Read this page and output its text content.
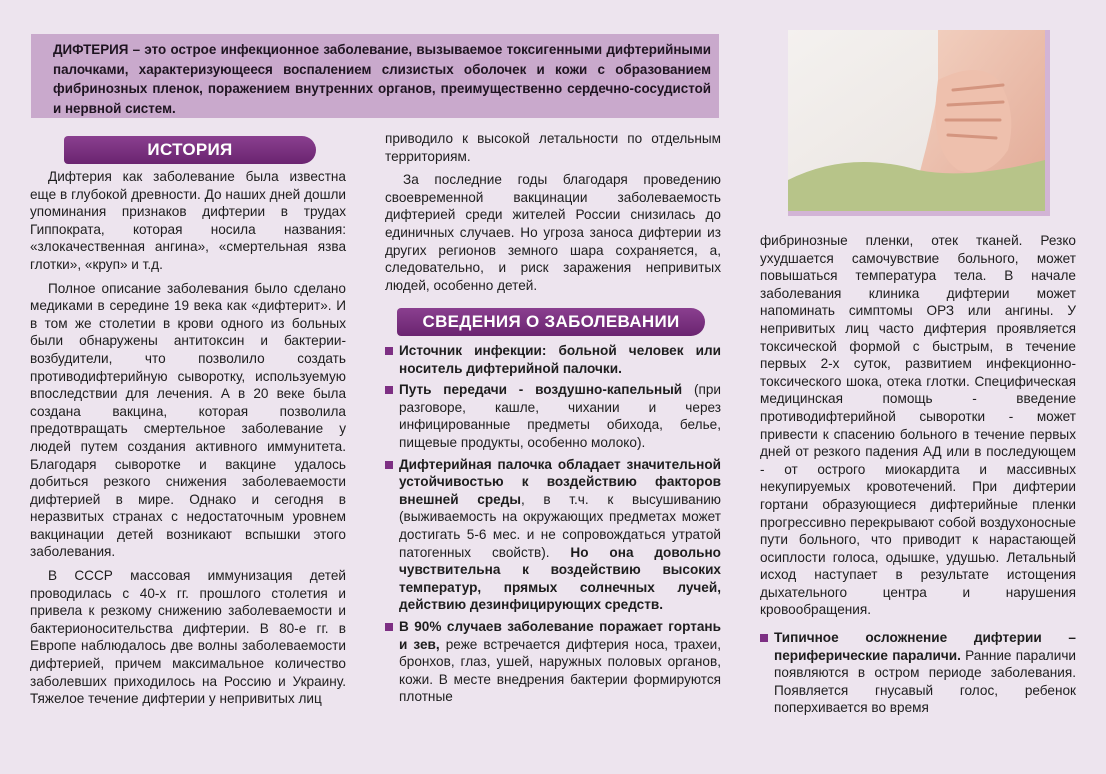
ДИФТЕРИЯ – это острое инфекционное заболевание, вызываемое токсигенными дифтерийными палочками, характеризующееся воспалением слизистых оболочек и кожи с образованием фибринозных пленок, поражением внутренних органов, преимущественно сердечно-сосудистой и нервной систем.
ИСТОРИЯ

Дифтерия как заболевание была известна еще в глубокой древности. До наших дней дошли упоминания признаков дифтерии в трудах Гиппократа, которая носила названия: «злокачественная ангина», «смертельная язва глотки», «круп» и т.д.

Полное описание заболевания было сделано медиками в середине 19 века как «дифтерит». И в том же столетии в крови одного из больных были обнаружены антитоксин и бактерии-возбудители, что позволило создать противодифтерийную сыворотку, используемую впоследствии для лечения. А в 20 веке была создана вакцина, которая позволила предотвращать смертельное заболевание у людей путем создания активного иммунитета. Благодаря сыворотке и вакцине удалось добиться резкого снижения заболеваемости дифтерией в мире. Однако и сегодня в неразвитых странах с недостаточным уровнем вакцинации детей возникают вспышки этого заболевания.

В СССР массовая иммунизация детей проводилась с 40-х гг. прошлого столетия и привела к резкому снижению заболеваемости и бактерионосительства дифтерии. В 80-е гг. в Европе наблюдалось две волны заболеваемости дифтерией, причем максимальное количество заболевших приходилось на Россию и Украину. Тяжелое течение дифтерии у непривитых лиц

приводило к высокой летальности по отдельным территориям.

За последние годы благодаря проведению своевременной вакцинации заболеваемость дифтерией среди жителей России снизилась до единичных случаев. Но угроза заноса дифтерии из других регионов земного шара сохраняется, а, следовательно, и риск заражения непривитых людей, особенно детей.

СВЕДЕНИЯ О ЗАБОЛЕВАНИИ
Источник инфекции: больной человек или носитель дифтерийной палочки.
Путь передачи - воздушно-капельный (при разговоре, кашле, чихании и через инфицированные предметы обихода, белье, пищевые продукты, особенно молоко).
Дифтерийная палочка обладает значительной устойчивостью к воздействию факторов внешней среды, в т.ч. к высушиванию (выживаемость на окружающих предметах может достигать 5-6 мес. и не сопровождаться утратой патогенных свойств). Но она довольно чувствительна к воздействию высоких температур, прямых солнечных лучей, действию дезинфицирующих средств.
В 90% случаев заболевание поражает гортань и зев, реже встречается дифтерия носа, трахеи, бронхов, глаз, ушей, наружных половых органов, кожи. В месте внедрения бактерии формируются плотные

фибринозные пленки, отек тканей. Резко ухудшается самочувствие больного, может повышаться температура тела. В начале заболевания клиника дифтерии может напоминать симптомы ОРЗ или ангины. У непривитых лиц часто дифтерия проявляется токсической формой с быстрым, в течение первых 2-х суток, развитием инфекционно-токсического шока, отека глотки. Специфическая медицинская помощь - введение противодифтерийной сыворотки - может привести к спасению больного в течение первых дней от резкого падения АД или в последующем - от острого миокардита и массивных некупируемых кровотечений. При дифтерии гортани образующиеся дифтерийные пленки прогрессивно перекрывают собой воздухоносные пути больного, что приводит к нарастающей осиплости голоса, одышке, удушью. Летальный исход наступает в результате истощения дыхательного центра и нарушения кровообращения.

Типичное осложнение дифтерии – периферические параличи. Ранние параличи появляются в остром периоде заболевания. Появляется гнусавый голос, ребенок поперхивается во время
